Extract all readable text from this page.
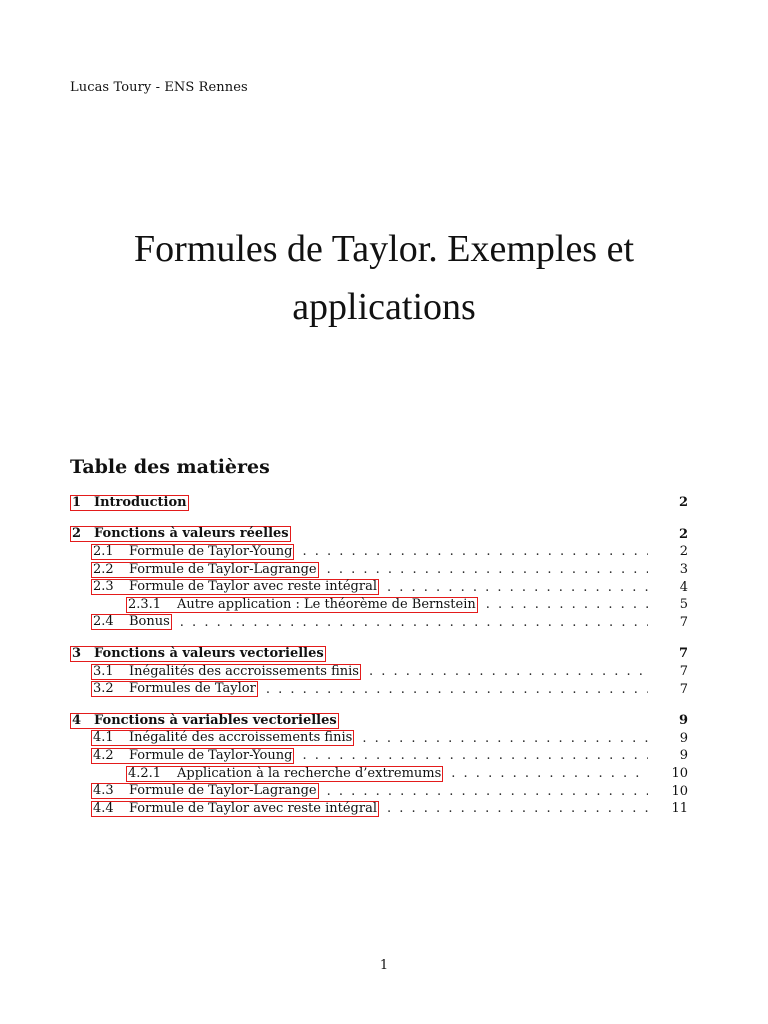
Lucas Toury - ENS Rennes
Formules de Taylor. Exemples et
applications
Table des matières
1 Introduction	2
2 Fonctions à valeurs réelles	2
2.1	Formule de Taylor-Young . . .	2
2.2	Formule de Taylor-Lagrange . . .	3
2.3	Formule de Taylor avec reste intégral . . .	4
2.3.1	Autre application : Le théorème de Bernstein . . .	5
2.4	Bonus . . .	7
3 Fonctions à valeurs vectorielles	7
3.1	Inégalités des accroissements finis . . .	7
3.2	Formules de Taylor . . .	7
4 Fonctions à variables vectorielles	9
4.1	Inégalité des accroissements finis . . .	9
4.2	Formule de Taylor-Young . . .	9
4.2.1	Application à la recherche d’extremums . . .	10
4.3	Formule de Taylor-Lagrange . . .	10
4.4	Formule de Taylor avec reste intégral . . .	11
1
